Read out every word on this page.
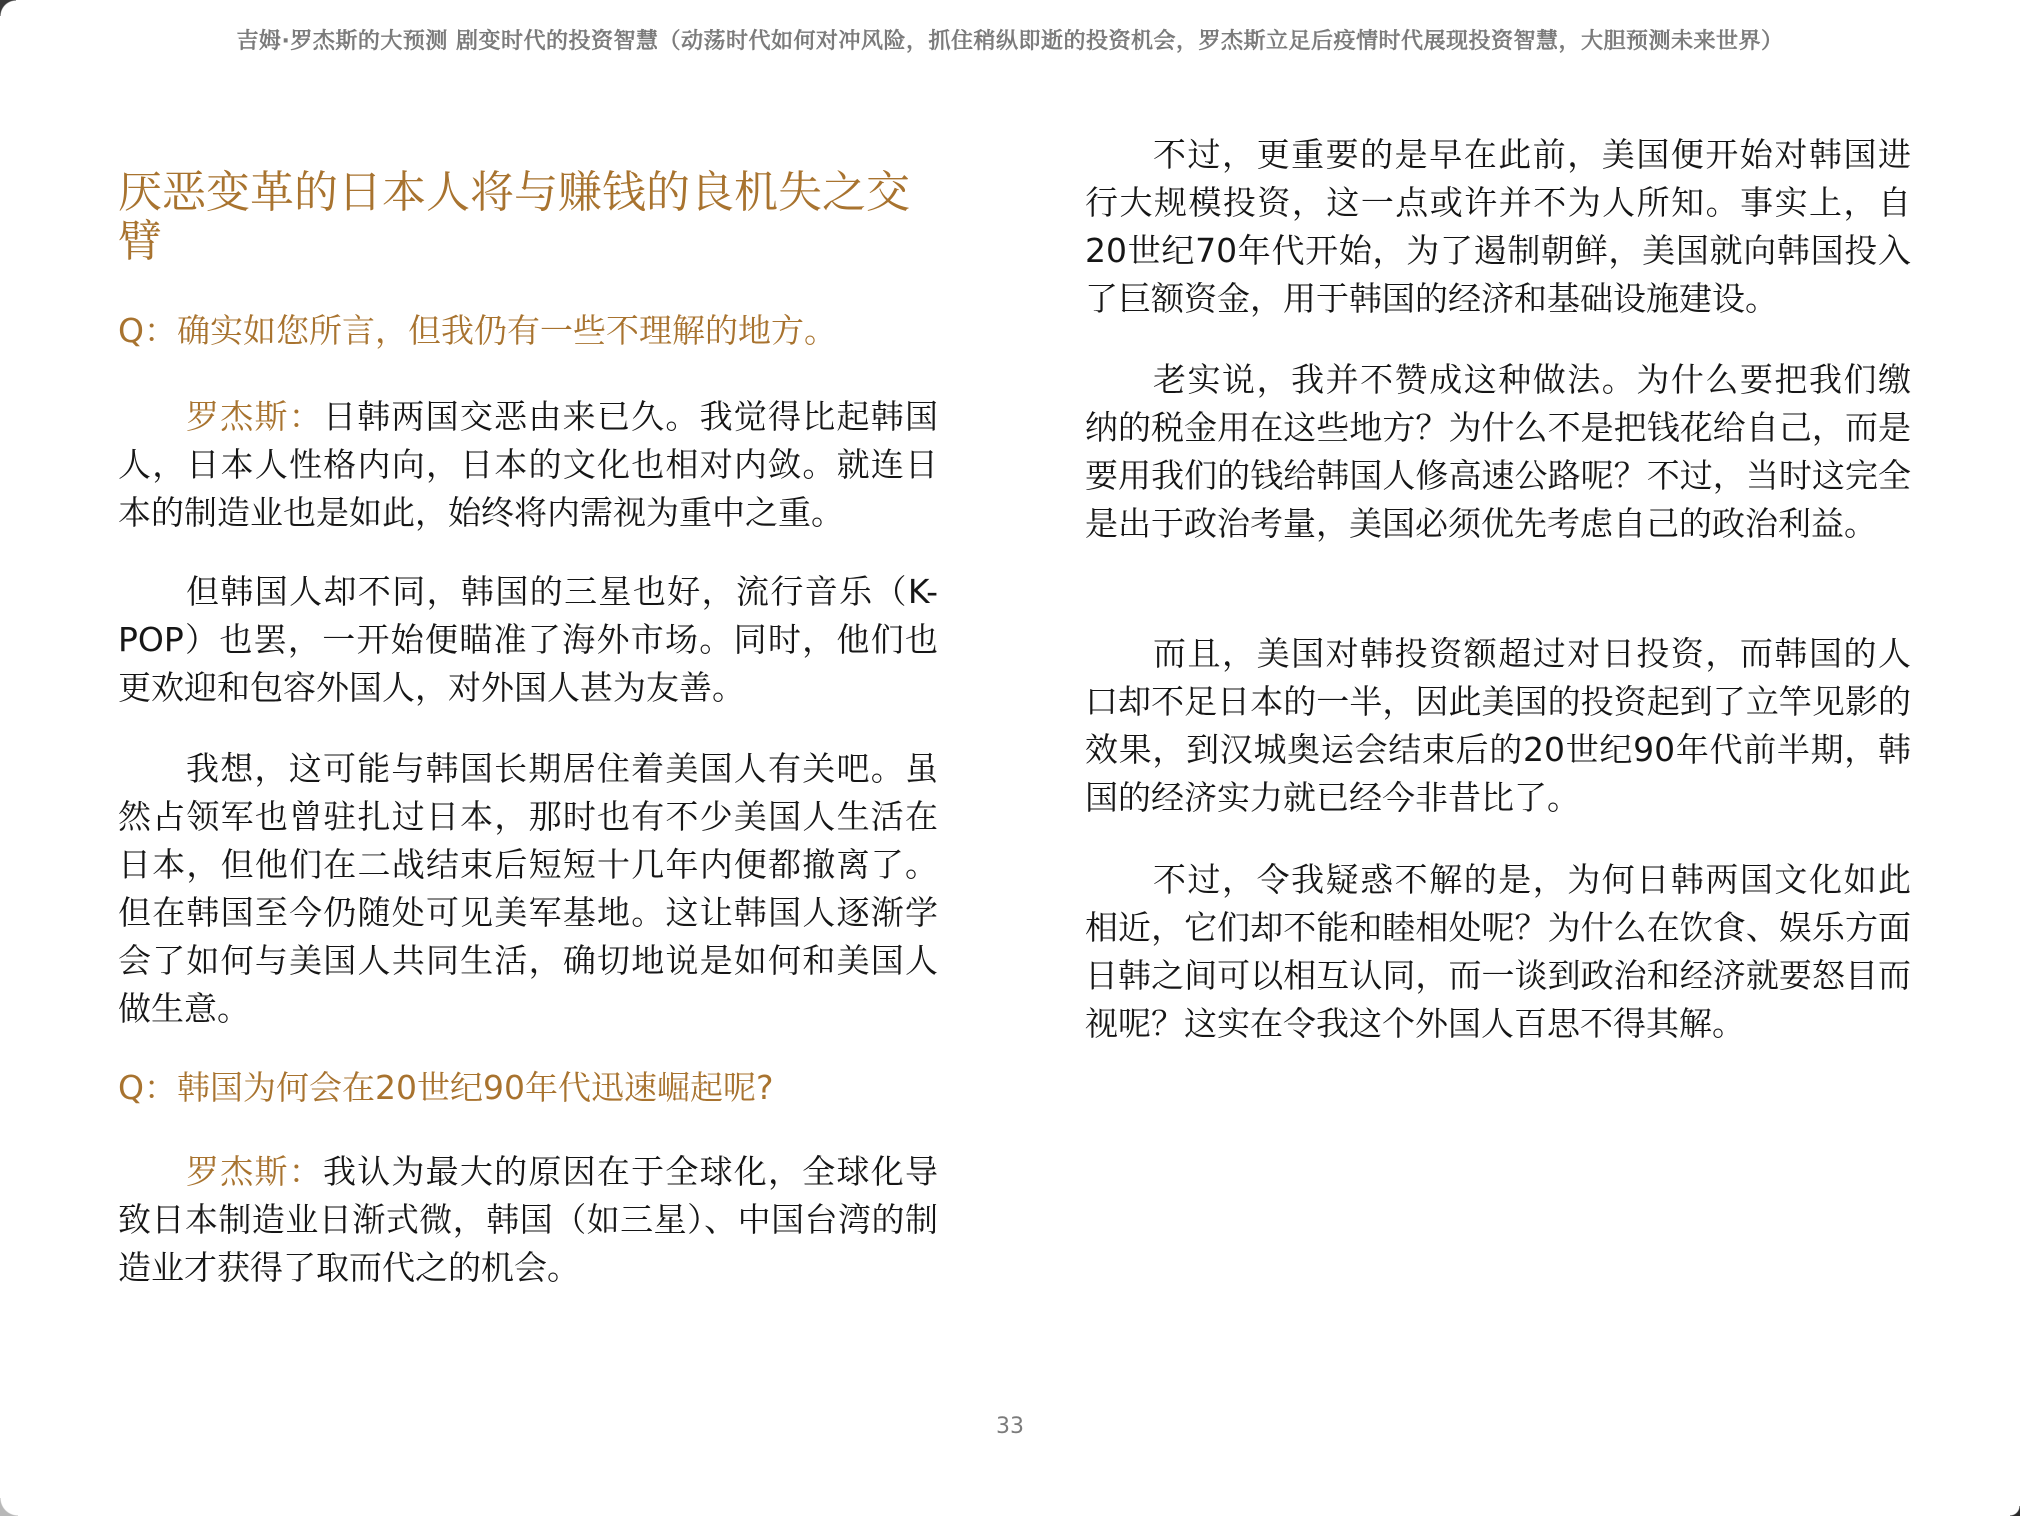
吉姆·罗杰斯的大预测 剧变时代的投资智慧（动荡时代如何对冲风险，抓住稍纵即逝的投资机会，罗杰斯立足后疫情时代展现投资智慧，大胆预测未来世界）
厌恶变革的日本人将与赚钱的良机失之交臂

Q：确实如您所言，但我仍有一些不理解的地方。

罗杰斯：日韩两国交恶由来已久。我觉得比起韩国人，日本人性格内向，日本的文化也相对内敛。就连日本的制造业也是如此，始终将内需视为重中之重。

但韩国人却不同，韩国的三星也好，流行音乐（K-POP）也罢，一开始便瞄准了海外市场。同时，他们也更欢迎和包容外国人，对外国人甚为友善。

我想，这可能与韩国长期居住着美国人有关吧。虽然占领军也曾驻扎过日本，那时也有不少美国人生活在日本，但他们在二战结束后短短十几年内便都撤离了。但在韩国至今仍随处可见美军基地。这让韩国人逐渐学会了如何与美国人共同生活，确切地说是如何和美国人做生意。

Q：韩国为何会在20世纪90年代迅速崛起呢?

罗杰斯：我认为最大的原因在于全球化，全球化导致日本制造业日渐式微，韩国（如三星）、中国台湾的制造业才获得了取而代之的机会。

不过，更重要的是早在此前，美国便开始对韩国进行大规模投资，这一点或许并不为人所知。事实上，自20世纪70年代开始，为了遏制朝鲜，美国就向韩国投入了巨额资金，用于韩国的经济和基础设施建设。

老实说，我并不赞成这种做法。为什么要把我们缴纳的税金用在这些地方？为什么不是把钱花给自己，而是要用我们的钱给韩国人修高速公路呢？不过，当时这完全是出于政治考量，美国必须优先考虑自己的政治利益。

而且，美国对韩投资额超过对日投资，而韩国的人口却不足日本的一半，因此美国的投资起到了立竿见影的效果，到汉城奥运会结束后的20世纪90年代前半期，韩国的经济实力就已经今非昔比了。

不过，令我疑惑不解的是，为何日韩两国文化如此相近，它们却不能和睦相处呢？为什么在饮食、娱乐方面日韩之间可以相互认同，而一谈到政治和经济就要怒目而视呢？这实在令我这个外国人百思不得其解。

33
